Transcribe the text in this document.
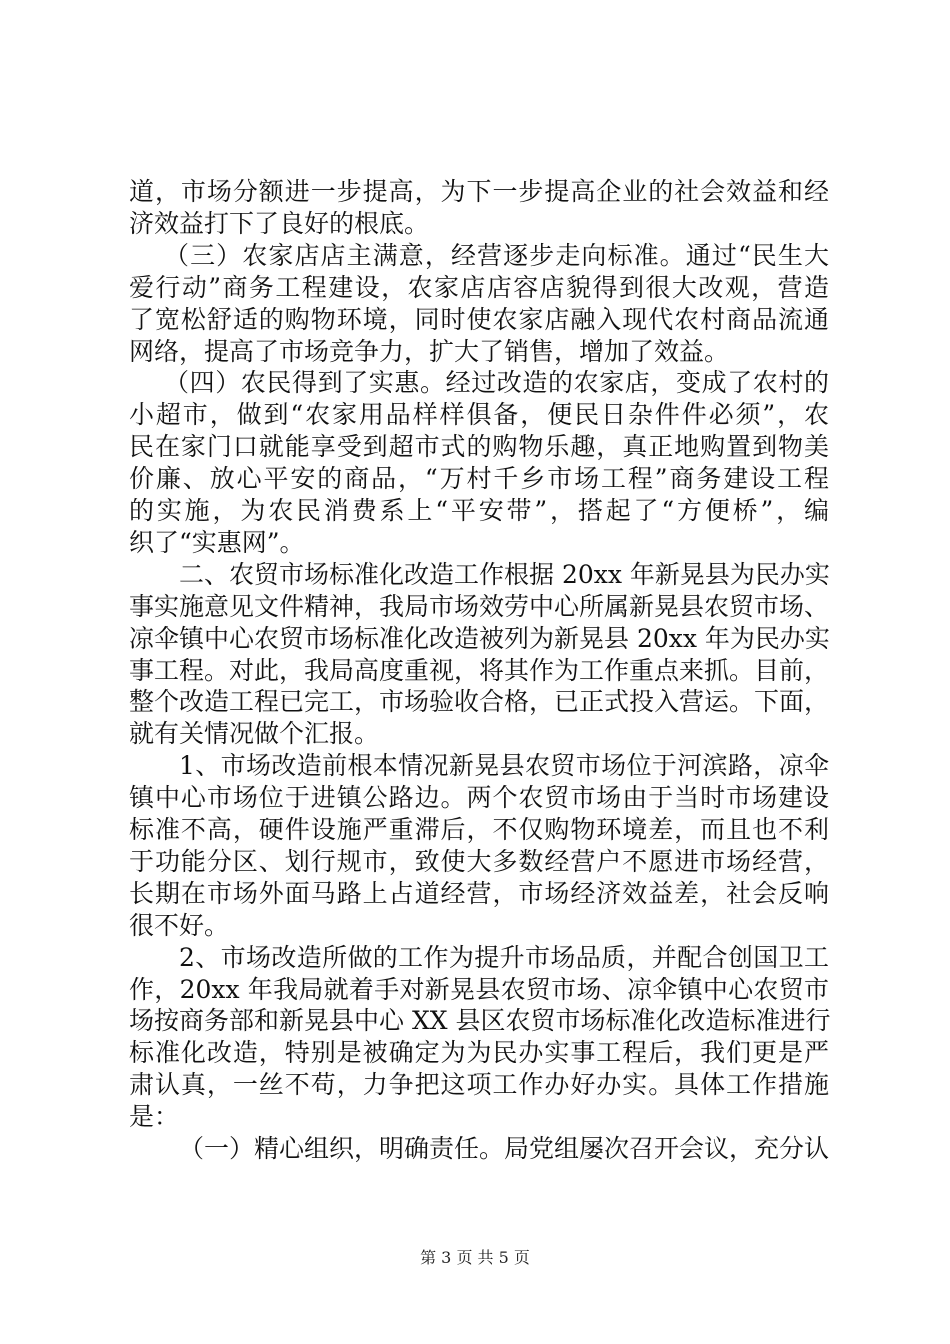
道，市场分额进一步提高，为下一步提高企业的社会效益和经
济效益打下了良好的根底。
（三）农家店店主满意，经营逐步走向标准。通过“民生大
爱行动”商务工程建设，农家店店容店貌得到很大改观，营造
了宽松舒适的购物环境，同时使农家店融入现代农村商品流通
网络，提高了市场竞争力，扩大了销售，增加了效益。
（四）农民得到了实惠。经过改造的农家店，变成了农村的
小超市，做到“农家用品样样俱备，便民日杂件件必须”，农
民在家门口就能享受到超市式的购物乐趣，真正地购置到物美
价廉、放心平安的商品，“万村千乡市场工程”商务建设工程
的实施，为农民消费系上“平安带”，搭起了“方便桥”，编
织了“实惠网”。
二、农贸市场标准化改造工作根据 20xx 年新晃县为民办实
事实施意见文件精神，我局市场效劳中心所属新晃县农贸市场、
凉伞镇中心农贸市场标准化改造被列为新晃县 20xx 年为民办实
事工程。对此，我局高度重视，将其作为工作重点来抓。目前，
整个改造工程已完工，市场验收合格，已正式投入营运。下面，
就有关情况做个汇报。
1、市场改造前根本情况新晃县农贸市场位于河滨路，凉伞
镇中心市场位于进镇公路边。两个农贸市场由于当时市场建设
标准不高，硬件设施严重滞后，不仅购物环境差，而且也不利
于功能分区、划行规市，致使大多数经营户不愿进市场经营，
长期在市场外面马路上占道经营，市场经济效益差，社会反响
很不好。
2、市场改造所做的工作为提升市场品质，并配合创国卫工
作，20xx 年我局就着手对新晃县农贸市场、凉伞镇中心农贸市
场按商务部和新晃县中心 XX 县区农贸市场标准化改造标准进行
标准化改造，特别是被确定为为民办实事工程后，我们更是严
肃认真，一丝不苟，力争把这项工作办好办实。具体工作措施
是：
（一）精心组织，明确责任。局党组屡次召开会议，充分认
第 3 页 共 5 页
